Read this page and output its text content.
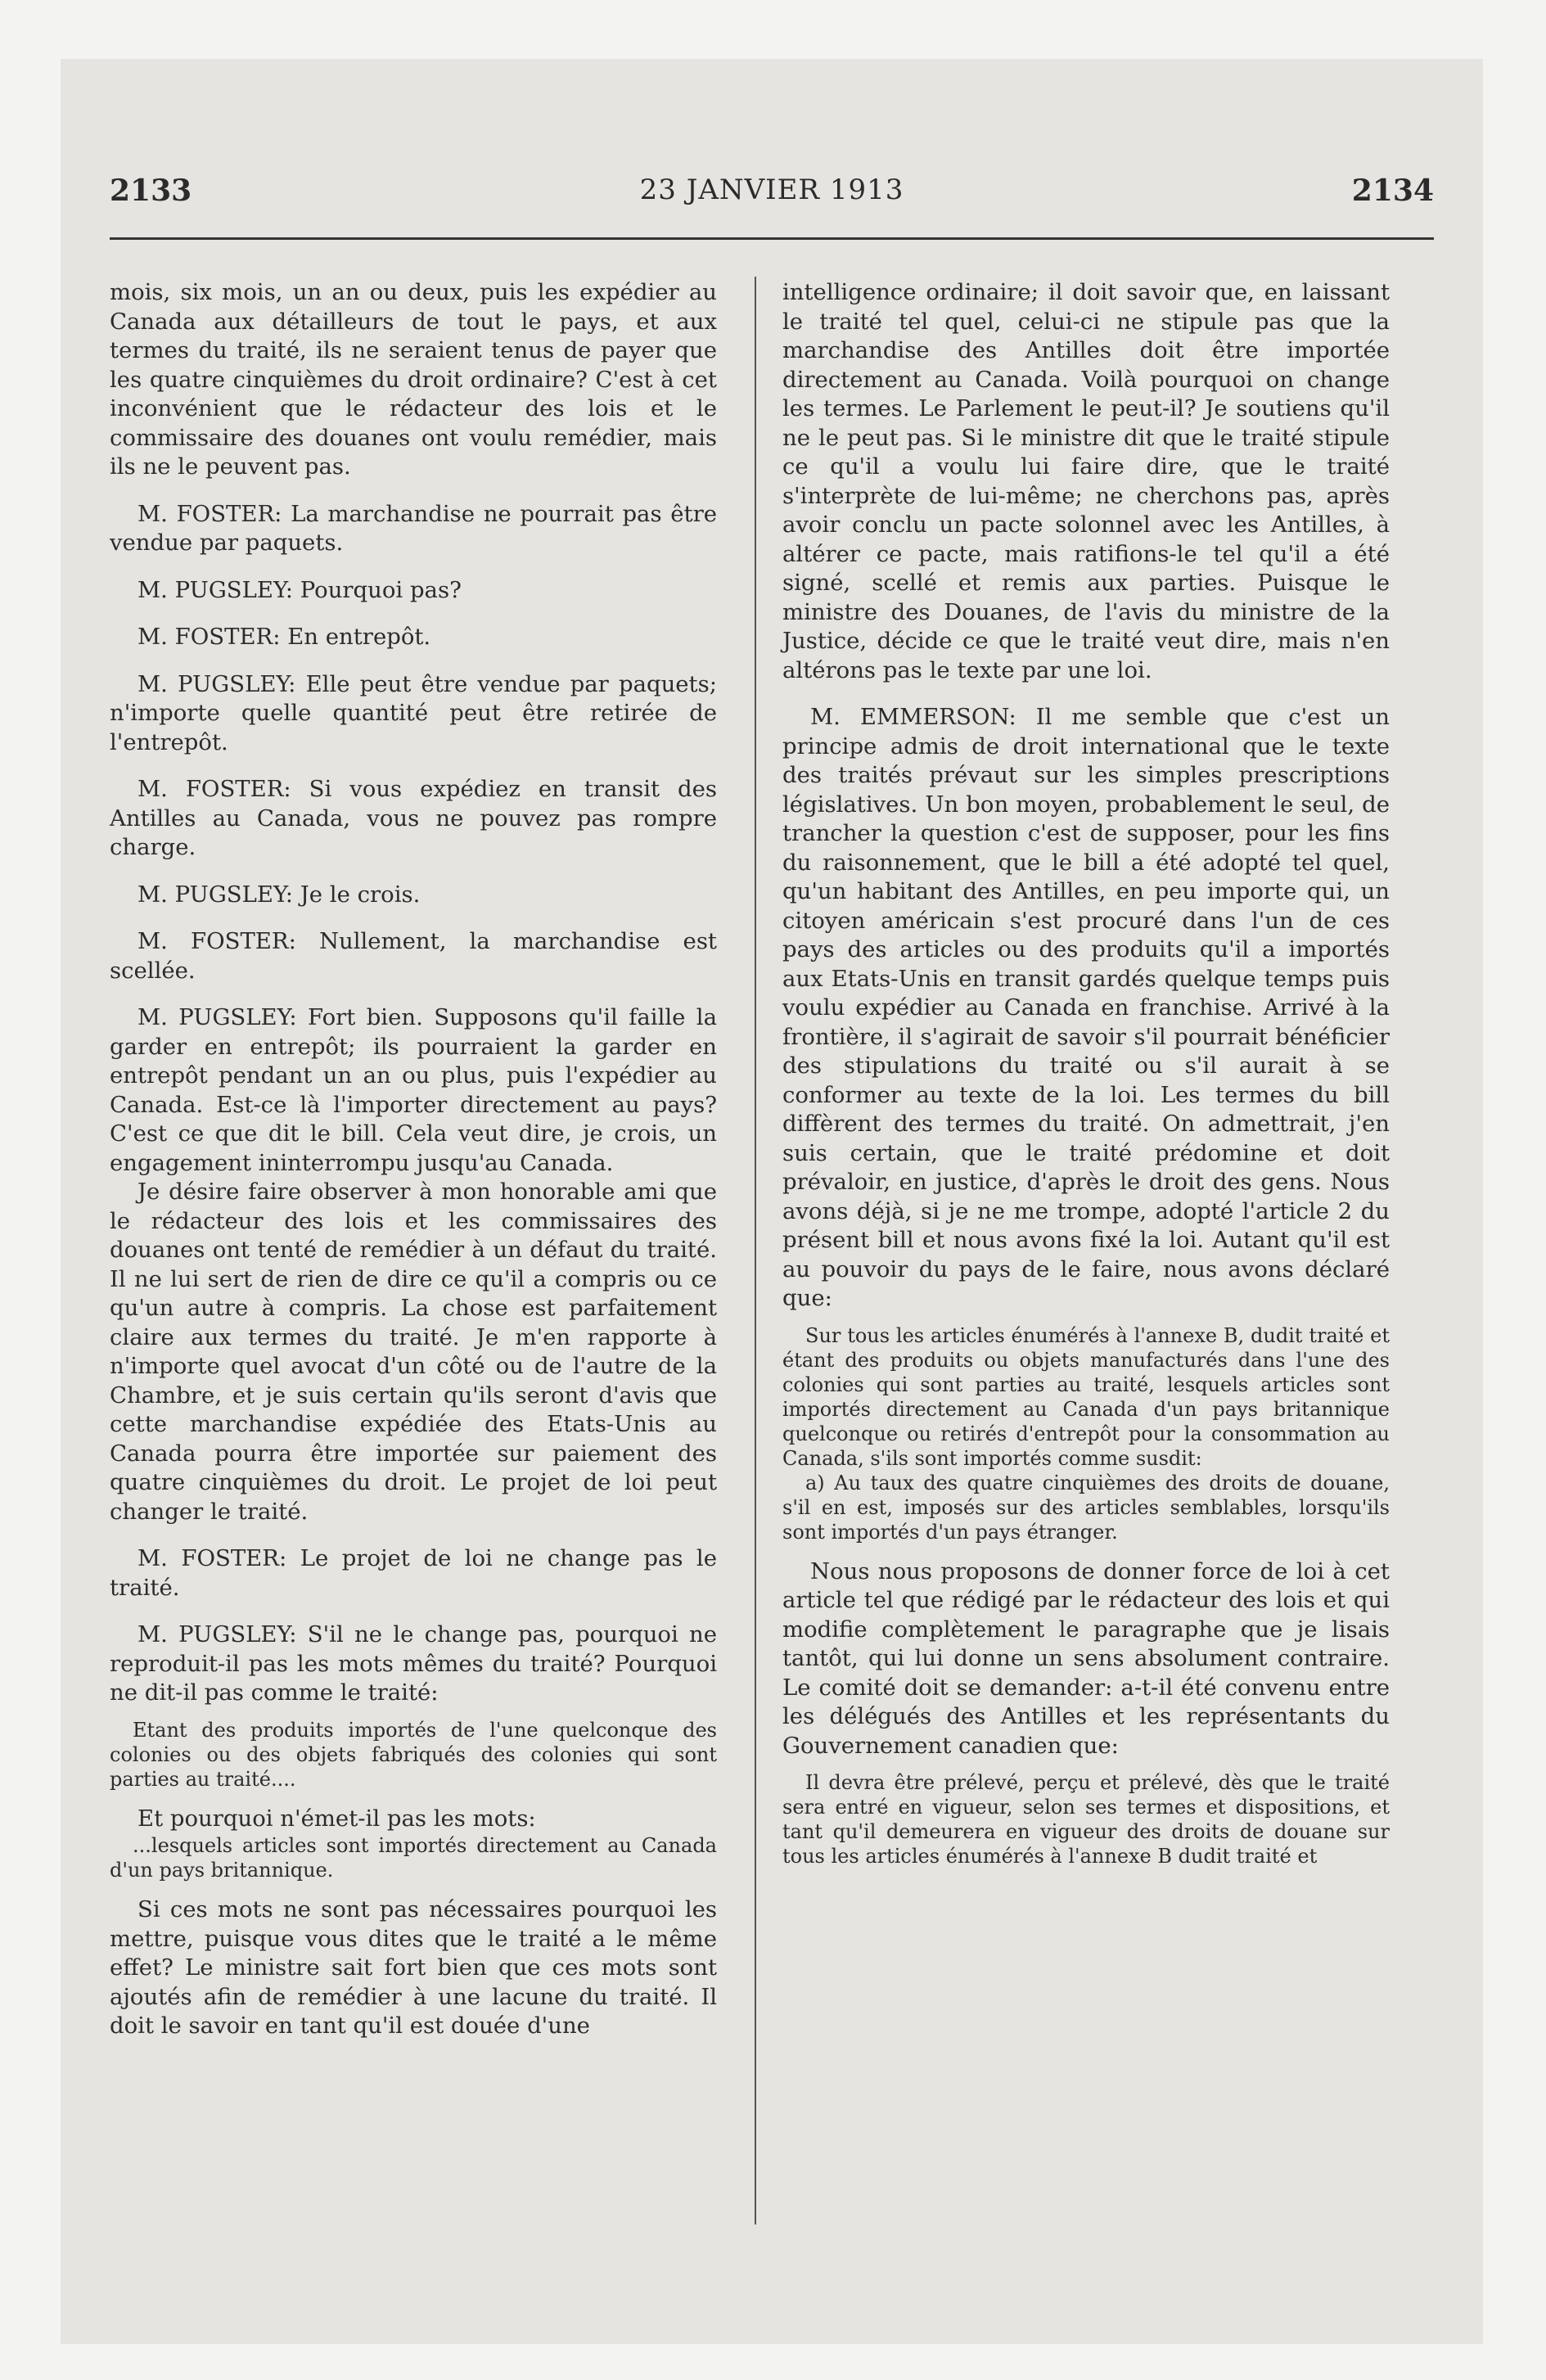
2133	23 JANVIER 1913	2134

mois, six mois, un an ou deux, puis les expédier au Canada aux détailleurs de tout le pays, et aux termes du traité, ils ne seraient tenus de payer que les quatre cinquièmes du droit ordinaire? C'est à cet inconvénient que le rédacteur des lois et le commissaire des douanes ont voulu remédier, mais ils ne le peuvent pas.

M. FOSTER: La marchandise ne pourrait pas être vendue par paquets.

M. PUGSLEY: Pourquoi pas?

M. FOSTER: En entrepôt.

M. PUGSLEY: Elle peut être vendue par paquets; n'importe quelle quantité peut être retirée de l'entrepôt.

M. FOSTER: Si vous expédiez en transit des Antilles au Canada, vous ne pouvez pas rompre charge.

M. PUGSLEY: Je le crois.

M. FOSTER: Nullement, la marchandise est scellée.

M. PUGSLEY: Fort bien. Supposons qu'il faille la garder en entrepôt; ils pourraient la garder en entrepôt pendant un an ou plus, puis l'expédier au Canada. Est-ce là l'importer directement au pays? C'est ce que dit le bill. Cela veut dire, je crois, un engagement ininterrompu jusqu'au Canada.

Je désire faire observer à mon honorable ami que le rédacteur des lois et les commissaires des douanes ont tenté de remédier à un défaut du traité. Il ne lui sert de rien de dire ce qu'il a compris ou ce qu'un autre à compris. La chose est parfaitement claire aux termes du traité. Je m'en rapporte à n'importe quel avocat d'un côté ou de l'autre de la Chambre, et je suis certain qu'ils seront d'avis que cette marchandise expédiée des Etats-Unis au Canada pourra être importée sur paiement des quatre cinquièmes du droit. Le projet de loi peut changer le traité.

M. FOSTER: Le projet de loi ne change pas le traité.

M. PUGSLEY: S'il ne le change pas, pourquoi ne reproduit-il pas les mots mêmes du traité? Pourquoi ne dit-il pas comme le traité:

Etant des produits importés de l'une quelconque des colonies ou des objets fabriqués des colonies qui sont parties au traité....

Et pourquoi n'émet-il pas les mots:

...lesquels articles sont importés directement au Canada d'un pays britannique.

Si ces mots ne sont pas nécessaires pourquoi les mettre, puisque vous dites que le traité a le même effet? Le ministre sait fort bien que ces mots sont ajoutés afin de remédier à une lacune du traité. Il doit le savoir en tant qu'il est douée d'une

intelligence ordinaire; il doit savoir que, en laissant le traité tel quel, celui-ci ne stipule pas que la marchandise des Antilles doit être importée directement au Canada. Voilà pourquoi on change les termes. Le Parlement le peut-il? Je soutiens qu'il ne le peut pas. Si le ministre dit que le traité stipule ce qu'il a voulu lui faire dire, que le traité s'interprète de lui-même; ne cherchons pas, après avoir conclu un pacte solonnel avec les Antilles, à altérer ce pacte, mais ratifions-le tel qu'il a été signé, scellé et remis aux parties. Puisque le ministre des Douanes, de l'avis du ministre de la Justice, décide ce que le traité veut dire, mais n'en altérons pas le texte par une loi.

M. EMMERSON: Il me semble que c'est un principe admis de droit international que le texte des traités prévaut sur les simples prescriptions législatives. Un bon moyen, probablement le seul, de trancher la question c'est de supposer, pour les fins du raisonnement, que le bill a été adopté tel quel, qu'un habitant des Antilles, en peu importe qui, un citoyen américain s'est procuré dans l'un de ces pays des articles ou des produits qu'il a importés aux Etats-Unis en transit gardés quelque temps puis voulu expédier au Canada en franchise. Arrivé à la frontière, il s'agirait de savoir s'il pourrait bénéficier des stipulations du traité ou s'il aurait à se conformer au texte de la loi. Les termes du bill diffèrent des termes du traité. On admettrait, j'en suis certain, que le traité prédomine et doit prévaloir, en justice, d'après le droit des gens. Nous avons déjà, si je ne me trompe, adopté l'article 2 du présent bill et nous avons fixé la loi. Autant qu'il est au pouvoir du pays de le faire, nous avons déclaré que:

Sur tous les articles énumérés à l'annexe B, dudit traité et étant des produits ou objets manufacturés dans l'une des colonies qui sont parties au traité, lesquels articles sont importés directement au Canada d'un pays britannique quelconque ou retirés d'entrepôt pour la consommation au Canada, s'ils sont importés comme susdit:

a) Au taux des quatre cinquièmes des droits de douane, s'il en est, imposés sur des articles semblables, lorsqu'ils sont importés d'un pays étranger.

Nous nous proposons de donner force de loi à cet article tel que rédigé par le rédacteur des lois et qui modifie complètement le paragraphe que je lisais tantôt, qui lui donne un sens absolument contraire. Le comité doit se demander: a-t-il été convenu entre les délégués des Antilles et les représentants du Gouvernement canadien que:

Il devra être prélevé, perçu et prélevé, dès que le traité sera entré en vigueur, selon ses termes et dispositions, et tant qu'il demeurera en vigueur des droits de douane sur tous les articles énumérés à l'annexe B dudit traité et
